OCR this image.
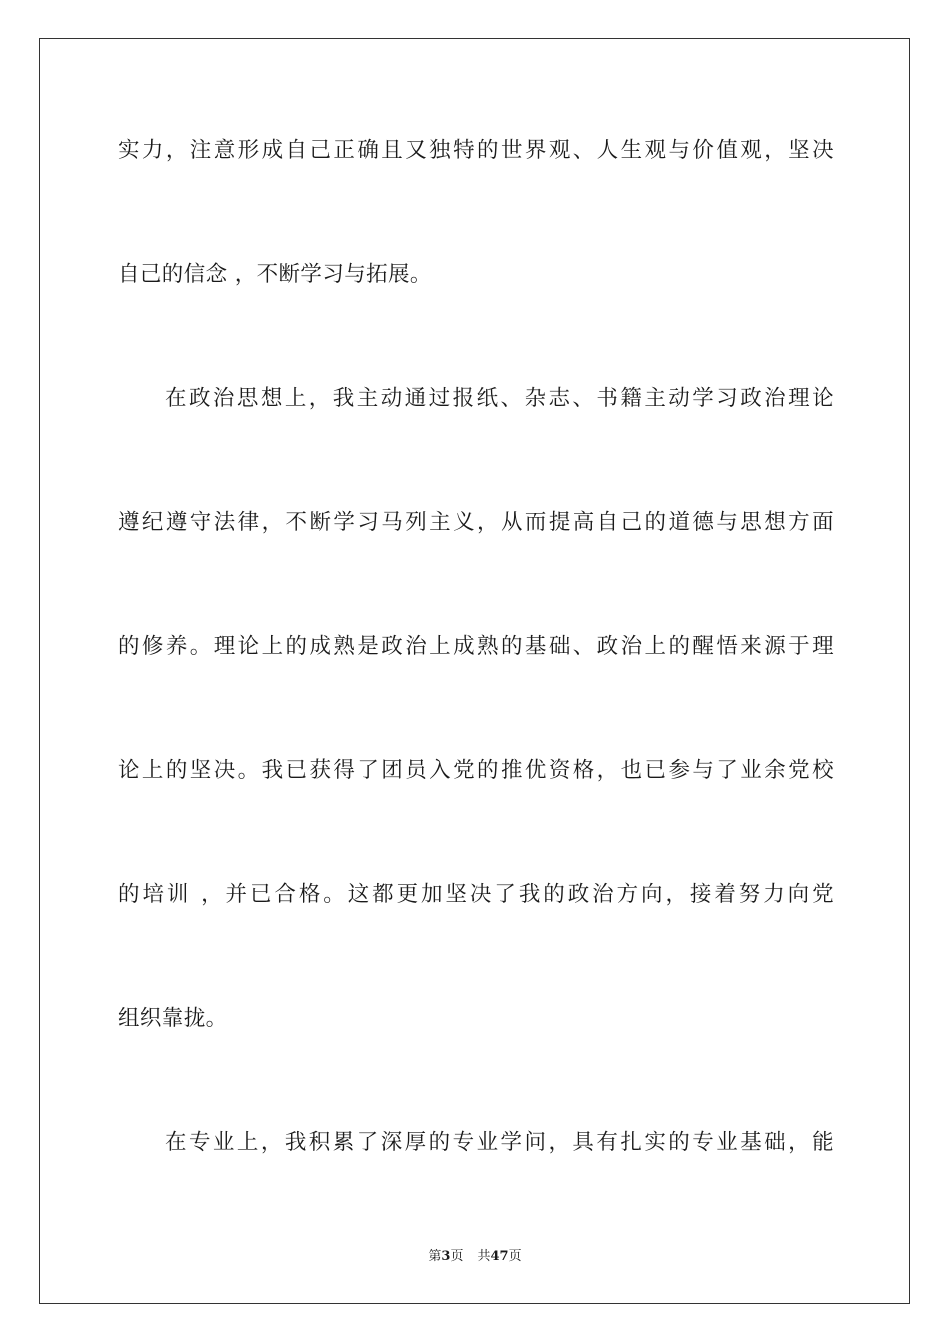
实力，注意形成自己正确且又独特的世界观、人生观与价值观，坚决
自己的信念 ，不断学习与拓展。
在政治思想上，我主动通过报纸、杂志、书籍主动学习政治理论
遵纪遵守法律，不断学习马列主义，从而提高自己的道德与思想方面
的修养。理论上的成熟是政治上成熟的基础、政治上的醒悟来源于理
论上的坚决。我已获得了团员入党的推优资格，也已参与了业余党校
的培训 ，并已合格。这都更加坚决了我的政治方向，接着努力向党
组织靠拢。
在专业上，我积累了深厚的专业学问，具有扎实的专业基础，能
第3页 共47页
